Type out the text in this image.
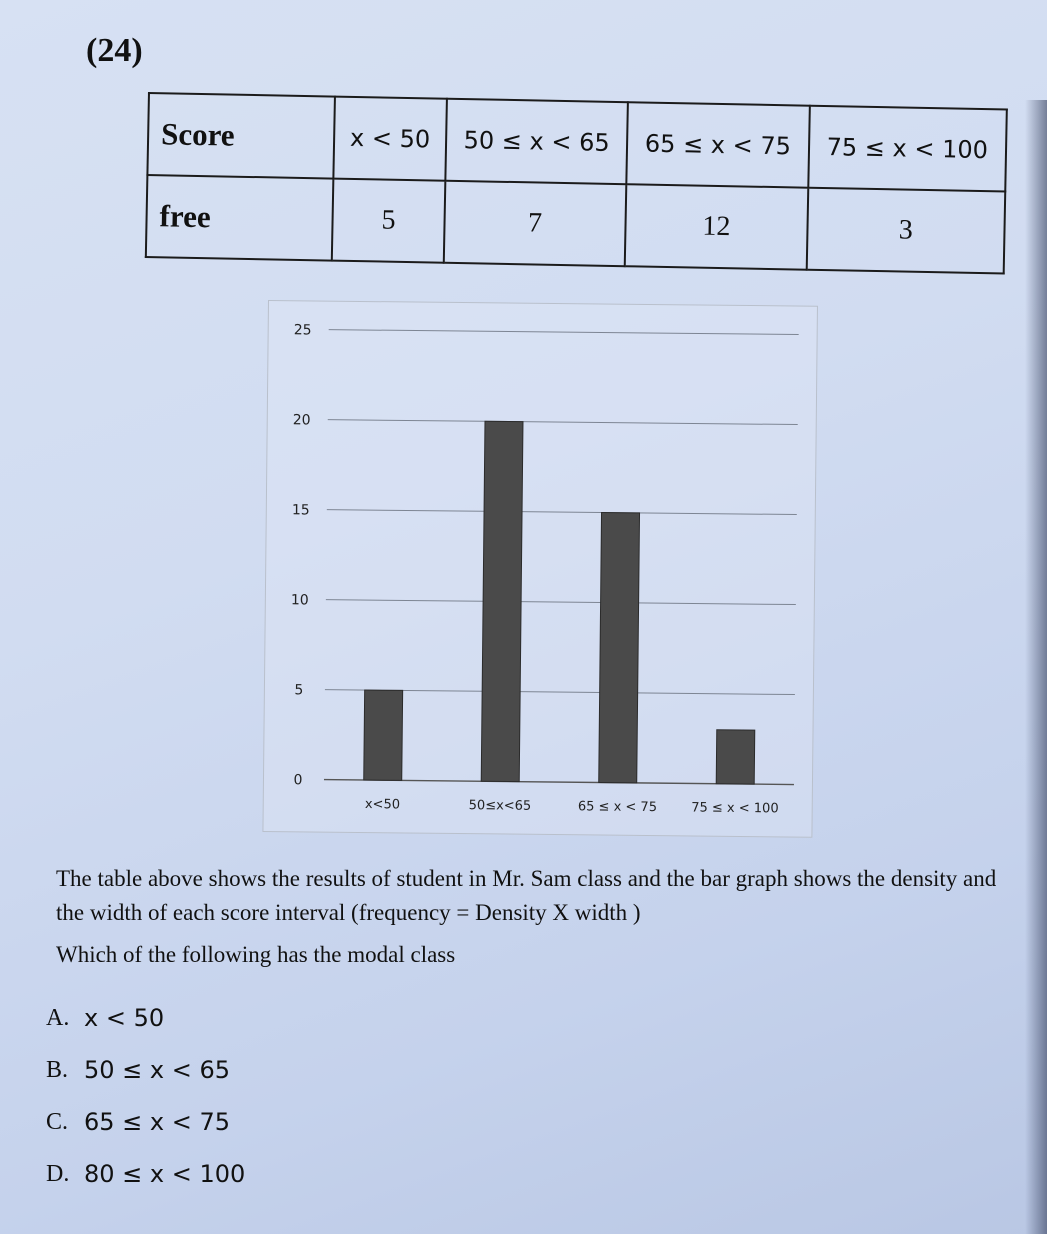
(24)
Score	x < 50	50 ≤ x < 65	65 ≤ x < 75	75 ≤ x < 100
free	5	7	12	3
0
5
10
15
20
25
x<50	50≤x<65	65 ≤ x < 75	75 ≤ x < 100
The table above shows the results of student in Mr. Sam class and the bar graph shows the density and the width of each score interval (frequency = Density X width )
Which of the following has the modal class
A. x < 50
B. 50 ≤ x < 65
C. 65 ≤ x < 75
D. 80 ≤ x < 100
